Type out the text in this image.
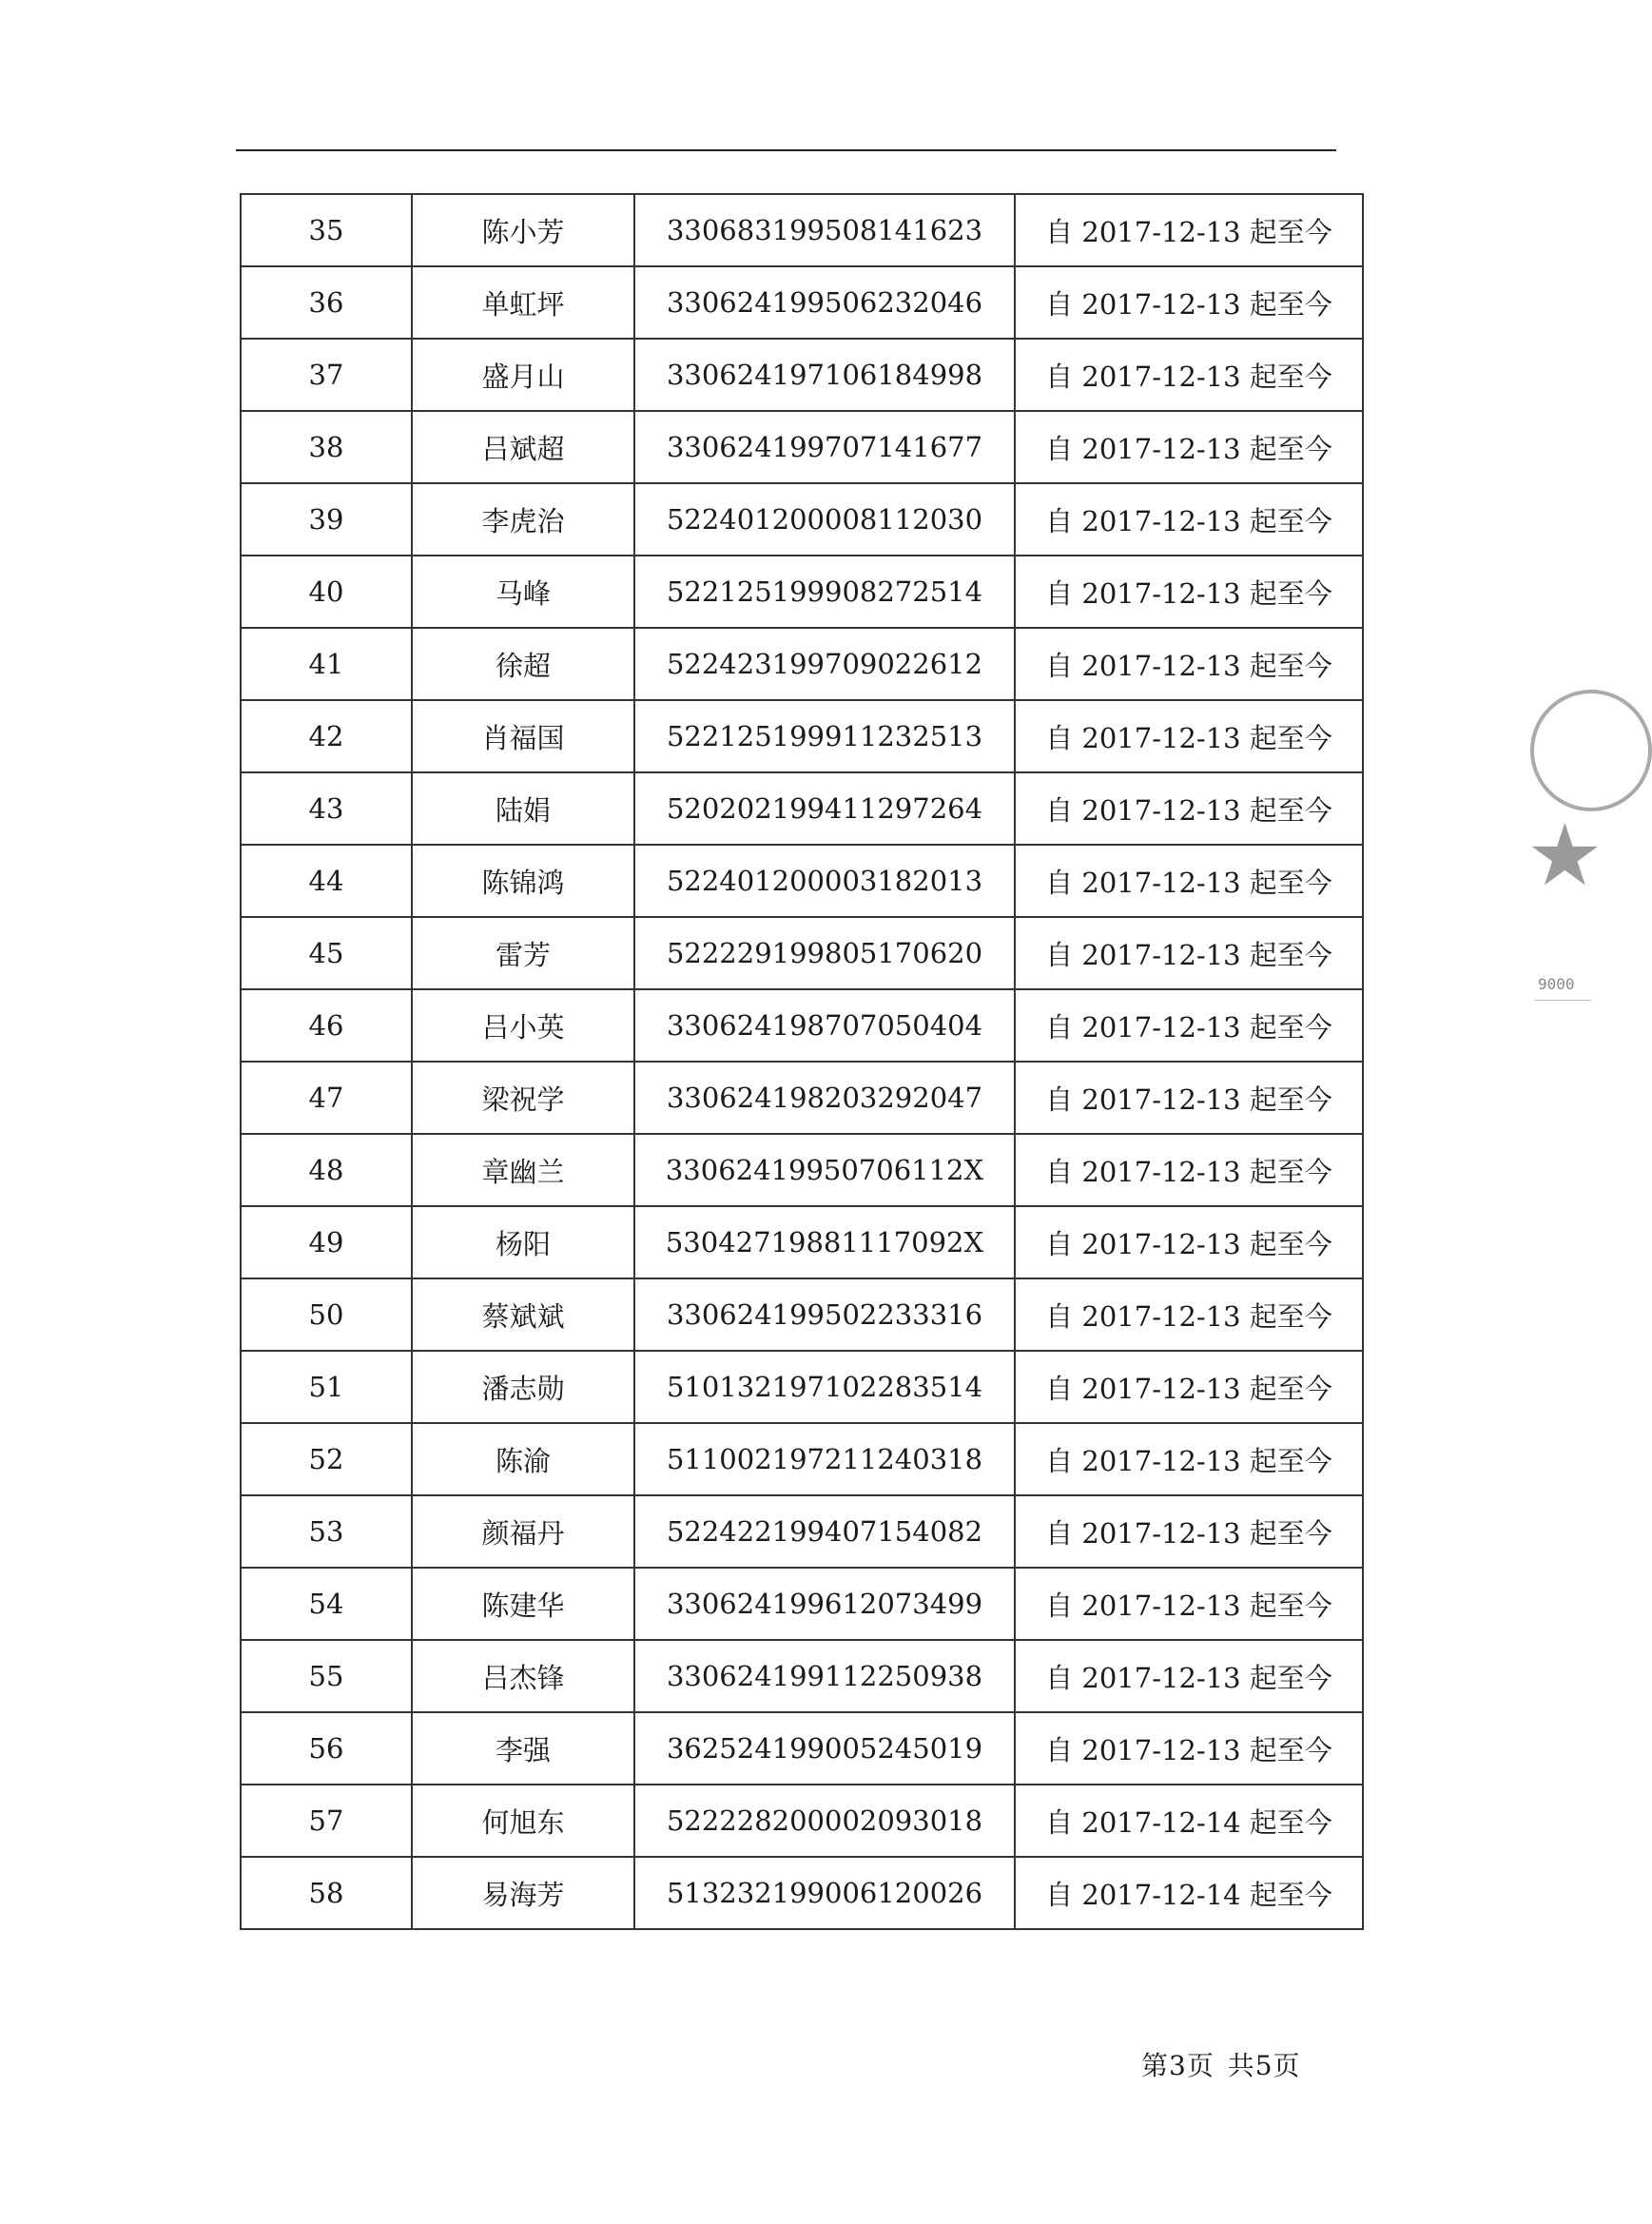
35	陈小芳	330683199508141623	自 2017-12-13 起至今
36	单虹坪	330624199506232046	自 2017-12-13 起至今
37	盛月山	330624197106184998	自 2017-12-13 起至今
38	吕斌超	330624199707141677	自 2017-12-13 起至今
39	李虎治	522401200008112030	自 2017-12-13 起至今
40	马峰	522125199908272514	自 2017-12-13 起至今
41	徐超	522423199709022612	自 2017-12-13 起至今
42	肖福国	522125199911232513	自 2017-12-13 起至今
43	陆娟	520202199411297264	自 2017-12-13 起至今
44	陈锦鸿	522401200003182013	自 2017-12-13 起至今
45	雷芳	522229199805170620	自 2017-12-13 起至今
46	吕小英	330624198707050404	自 2017-12-13 起至今
47	梁祝学	330624198203292047	自 2017-12-13 起至今
48	章幽兰	33062419950706112X	自 2017-12-13 起至今
49	杨阳	53042719881117092X	自 2017-12-13 起至今
50	蔡斌斌	330624199502233316	自 2017-12-13 起至今
51	潘志勋	510132197102283514	自 2017-12-13 起至今
52	陈渝	511002197211240318	自 2017-12-13 起至今
53	颜福丹	522422199407154082	自 2017-12-13 起至今
54	陈建华	330624199612073499	自 2017-12-13 起至今
55	吕杰锋	330624199112250938	自 2017-12-13 起至今
56	李强	362524199005245019	自 2017-12-13 起至今
57	何旭东	522228200002093018	自 2017-12-14 起至今
58	易海芳	513232199006120026	自 2017-12-14 起至今
第3页 共5页
★
9000
